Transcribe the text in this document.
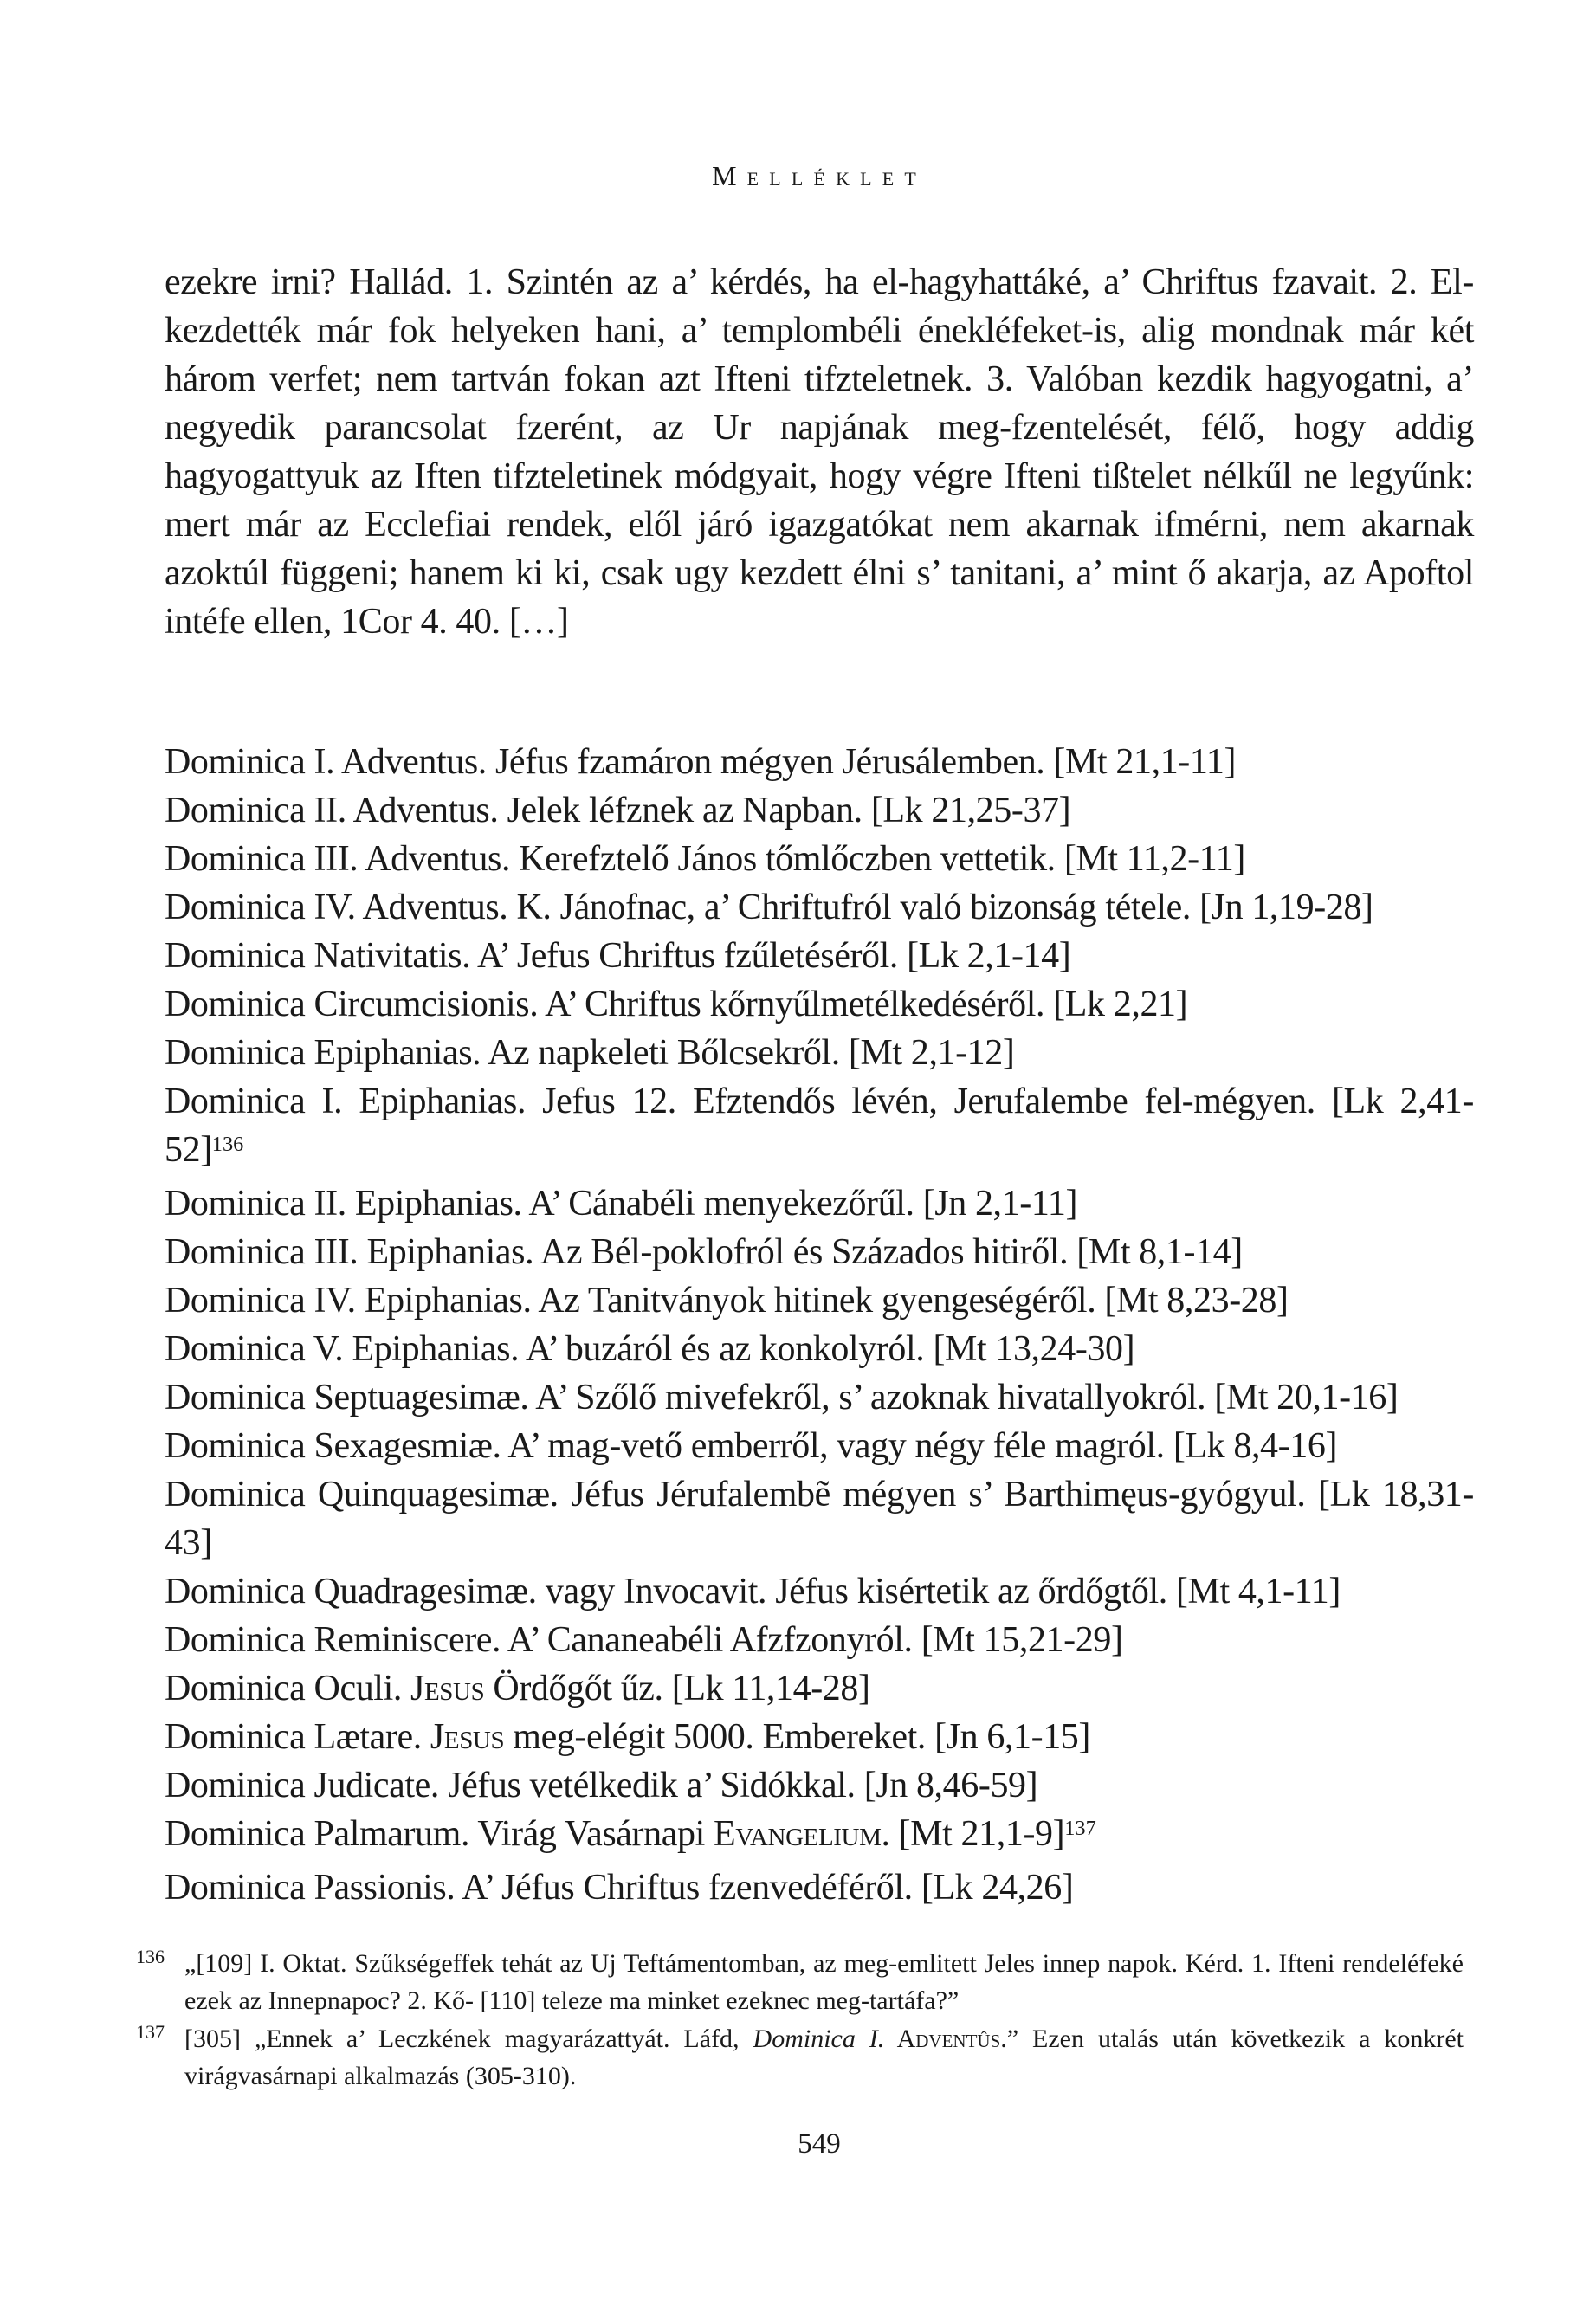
Melléklet

ezekre irni? Hallád. 1. Szintén az a’ kérdés, ha el-hagyhattáké, a’ Chriftus fzavait. 2. El-kezdették már fok helyeken hani, a’ templombéli énekléfeket-is, alig mondnak már két három verfet; nem tartván fokan azt Ifteni tifzteletnek. 3. Valóban kezdik hagyogatni, a’ negyedik parancsolat fzerént, az Ur napjának meg-fzentelését, félő, hogy addig hagyogattyuk az Iften tifzteletinek módgyait, hogy végre Ifteni tißtelet nélkűl ne legyűnk: mert már az Ecclefiai rendek, elől járó igazgatókat nem akarnak ifmérni, nem akarnak azoktúl függeni; hanem ki ki, csak ugy kezdett élni s’ tanitani, a’ mint ő akarja, az Apoftol intéfe ellen, 1Cor 4. 40. […]

Dominica I. Adventus. Jéfus fzamáron mégyen Jérusálemben. [Mt 21,1-11]
Dominica II. Adventus. Jelek léfznek az Napban. [Lk 21,25-37]
Dominica III. Adventus. Kerefztelő János tőmlőczben vettetik. [Mt 11,2-11]
Dominica IV. Adventus. K. Jánofnac, a’ Chriftufról való bizonság tétele. [Jn 1,19-28]
Dominica Nativitatis. A’ Jefus Chriftus fzűletéséről. [Lk 2,1-14]
Dominica Circumcisionis. A’ Chriftus kőrnyűlmetélkedéséről. [Lk 2,21]
Dominica Epiphanias. Az napkeleti Bőlcsekről. [Mt 2,1-12]
Dominica I. Epiphanias. Jefus 12. Efztendős lévén, Jerufalembe fel-mégyen. [Lk 2,41-52]$^{136}$
Dominica II. Epiphanias. A’ Cánabéli menyekezőrűl. [Jn 2,1-11]
Dominica III. Epiphanias. Az Bél-poklofról és Százados hitiről. [Mt 8,1-14]
Dominica IV. Epiphanias. Az Tanitványok hitinek gyengeségéről. [Mt 8,23-28]
Dominica V. Epiphanias. A’ buzáról és az konkolyról. [Mt 13,24-30]
Dominica Septuagesimæ. A’ Szőlő mivefekről, s’ azoknak hivatallyokról. [Mt 20,1-16]
Dominica Sexagesmiæ. A’ mag-vető emberről, vagy négy féle magról. [Lk 8,4-16]
Dominica Quinquagesimæ. Jéfus Jérufalembẽ mégyen s’ Barthimęus-gyógyul. [Lk 18,31-43]
Dominica Quadragesimæ. vagy Invocavit. Jéfus kisértetik az őrdőgtől. [Mt 4,1-11]
Dominica Reminiscere. A’ Cananeabéli Afzfzonyról. [Mt 15,21-29]
Dominica Oculi. Jesus Ördőgőt űz. [Lk 11,14-28]
Dominica Lætare. Jesus meg-elégit 5000. Embereket. [Jn 6,1-15]
Dominica Judicate. Jéfus vetélkedik a’ Sidókkal. [Jn 8,46-59]
Dominica Palmarum. Virág Vasárnapi Evangelium. [Mt 21,1-9]$^{137}$
Dominica Passionis. A’ Jéfus Chriftus fzenvedéféről. [Lk 24,26]
136 „[109] I. Oktat. Szűkségeffek tehát az Uj Teftámentomban, az meg-emlitett Jeles innep napok. Kérd. 1. Ifteni rendeléfeké ezek az Innepnapoc? 2. Kő- [110] teleze ma minket ezeknec meg-tartáfa?”
137 [305] „Ennek a’ Leczkének magyarázattyát. Láfd, Dominica I. Adventûs.” Ezen utalás után következik a konkrét virágvasárnapi alkalmazás (305-310).
549
